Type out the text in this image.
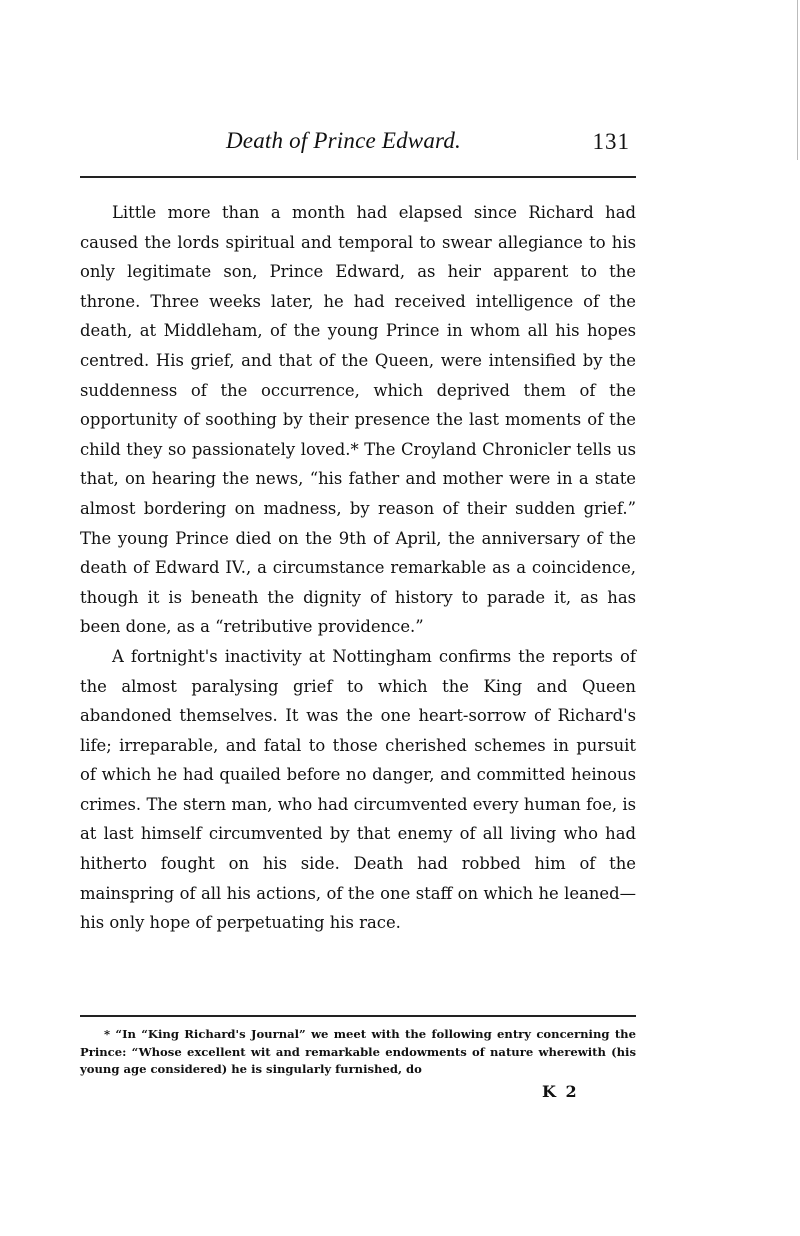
Death of Prince Edward.	131

Little more than a month had elapsed since Richard had caused the lords spiritual and temporal to swear allegiance to his only legitimate son, Prince Edward, as heir apparent to the throne. Three weeks later, he had received intelligence of the death, at Middleham, of the young Prince in whom all his hopes centred. His grief, and that of the Queen, were intensified by the suddenness of the occurrence, which deprived them of the opportunity of soothing by their presence the last moments of the child they so passionately loved.* The Croyland Chronicler tells us that, on hearing the news, “his father and mother were in a state almost bordering on madness, by reason of their sudden grief.” The young Prince died on the 9th of April, the anniversary of the death of Edward IV., a circumstance remarkable as a coincidence, though it is beneath the dignity of history to parade it, as has been done, as a “retributive providence.”

A fortnight's inactivity at Nottingham confirms the reports of the almost paralysing grief to which the King and Queen abandoned themselves. It was the one heart-sorrow of Richard's life; irreparable, and fatal to those cherished schemes in pursuit of which he had quailed before no danger, and committed heinous crimes. The stern man, who had circumvented every human foe, is at last himself circumvented by that enemy of all living who had hitherto fought on his side. Death had robbed him of the mainspring of all his actions, of the one staff on which he leaned—his only hope of perpetuating his race.

* “In “King Richard's Journal” we meet with the following entry concerning the Prince: “Whose excellent wit and remarkable endowments of nature wherewith (his young age considered) he is singularly furnished, do

K 2
